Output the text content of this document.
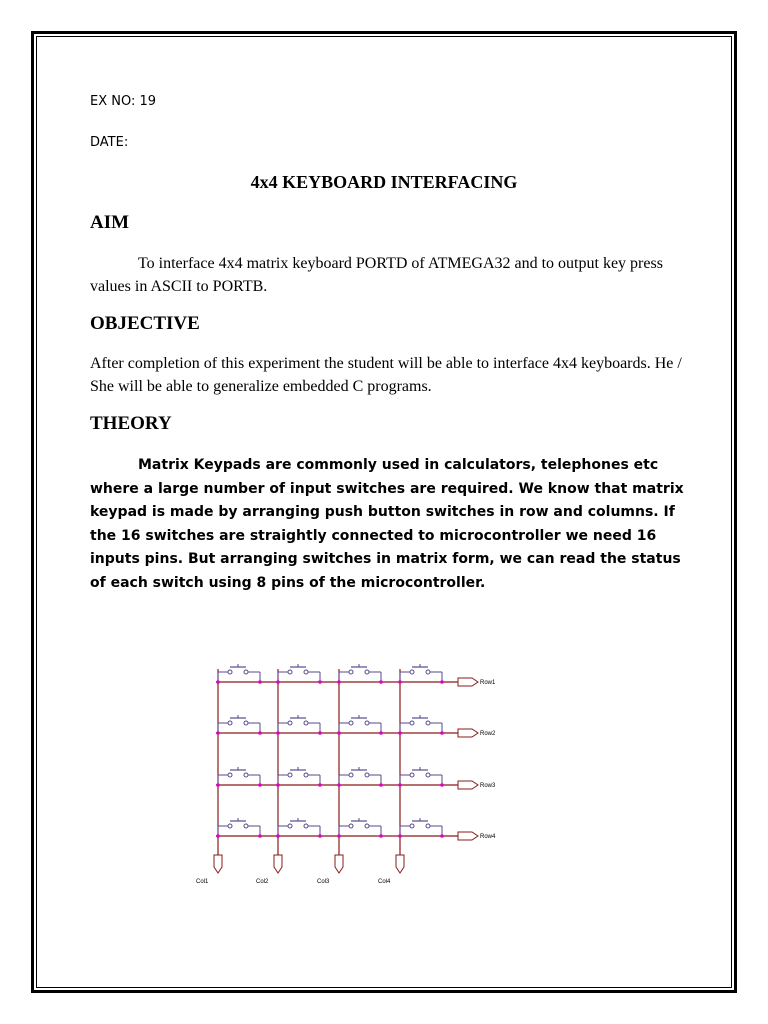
EX NO: 19
DATE:
4x4 KEYBOARD INTERFACING
AIM

To interface 4x4 matrix keyboard PORTD of ATMEGA32 and to output key press values in ASCII to PORTB.

OBJECTIVE

After completion of this experiment the student will be able to interface 4x4 keyboards. He / She will be able to generalize embedded C programs.

THEORY

Matrix Keypads are commonly used in calculators, telephones etc where a large number of input switches are required. We know that matrix keypad is made by arranging push button switches in row and columns. If the 16 switches are straightly connected to microcontroller we need 16 inputs pins. But arranging switches in matrix form, we can read the status of each switch using 8 pins of the microcontroller.

Row1
Row2
Row3
Row4
Col1	Col2	Col3	Col4
